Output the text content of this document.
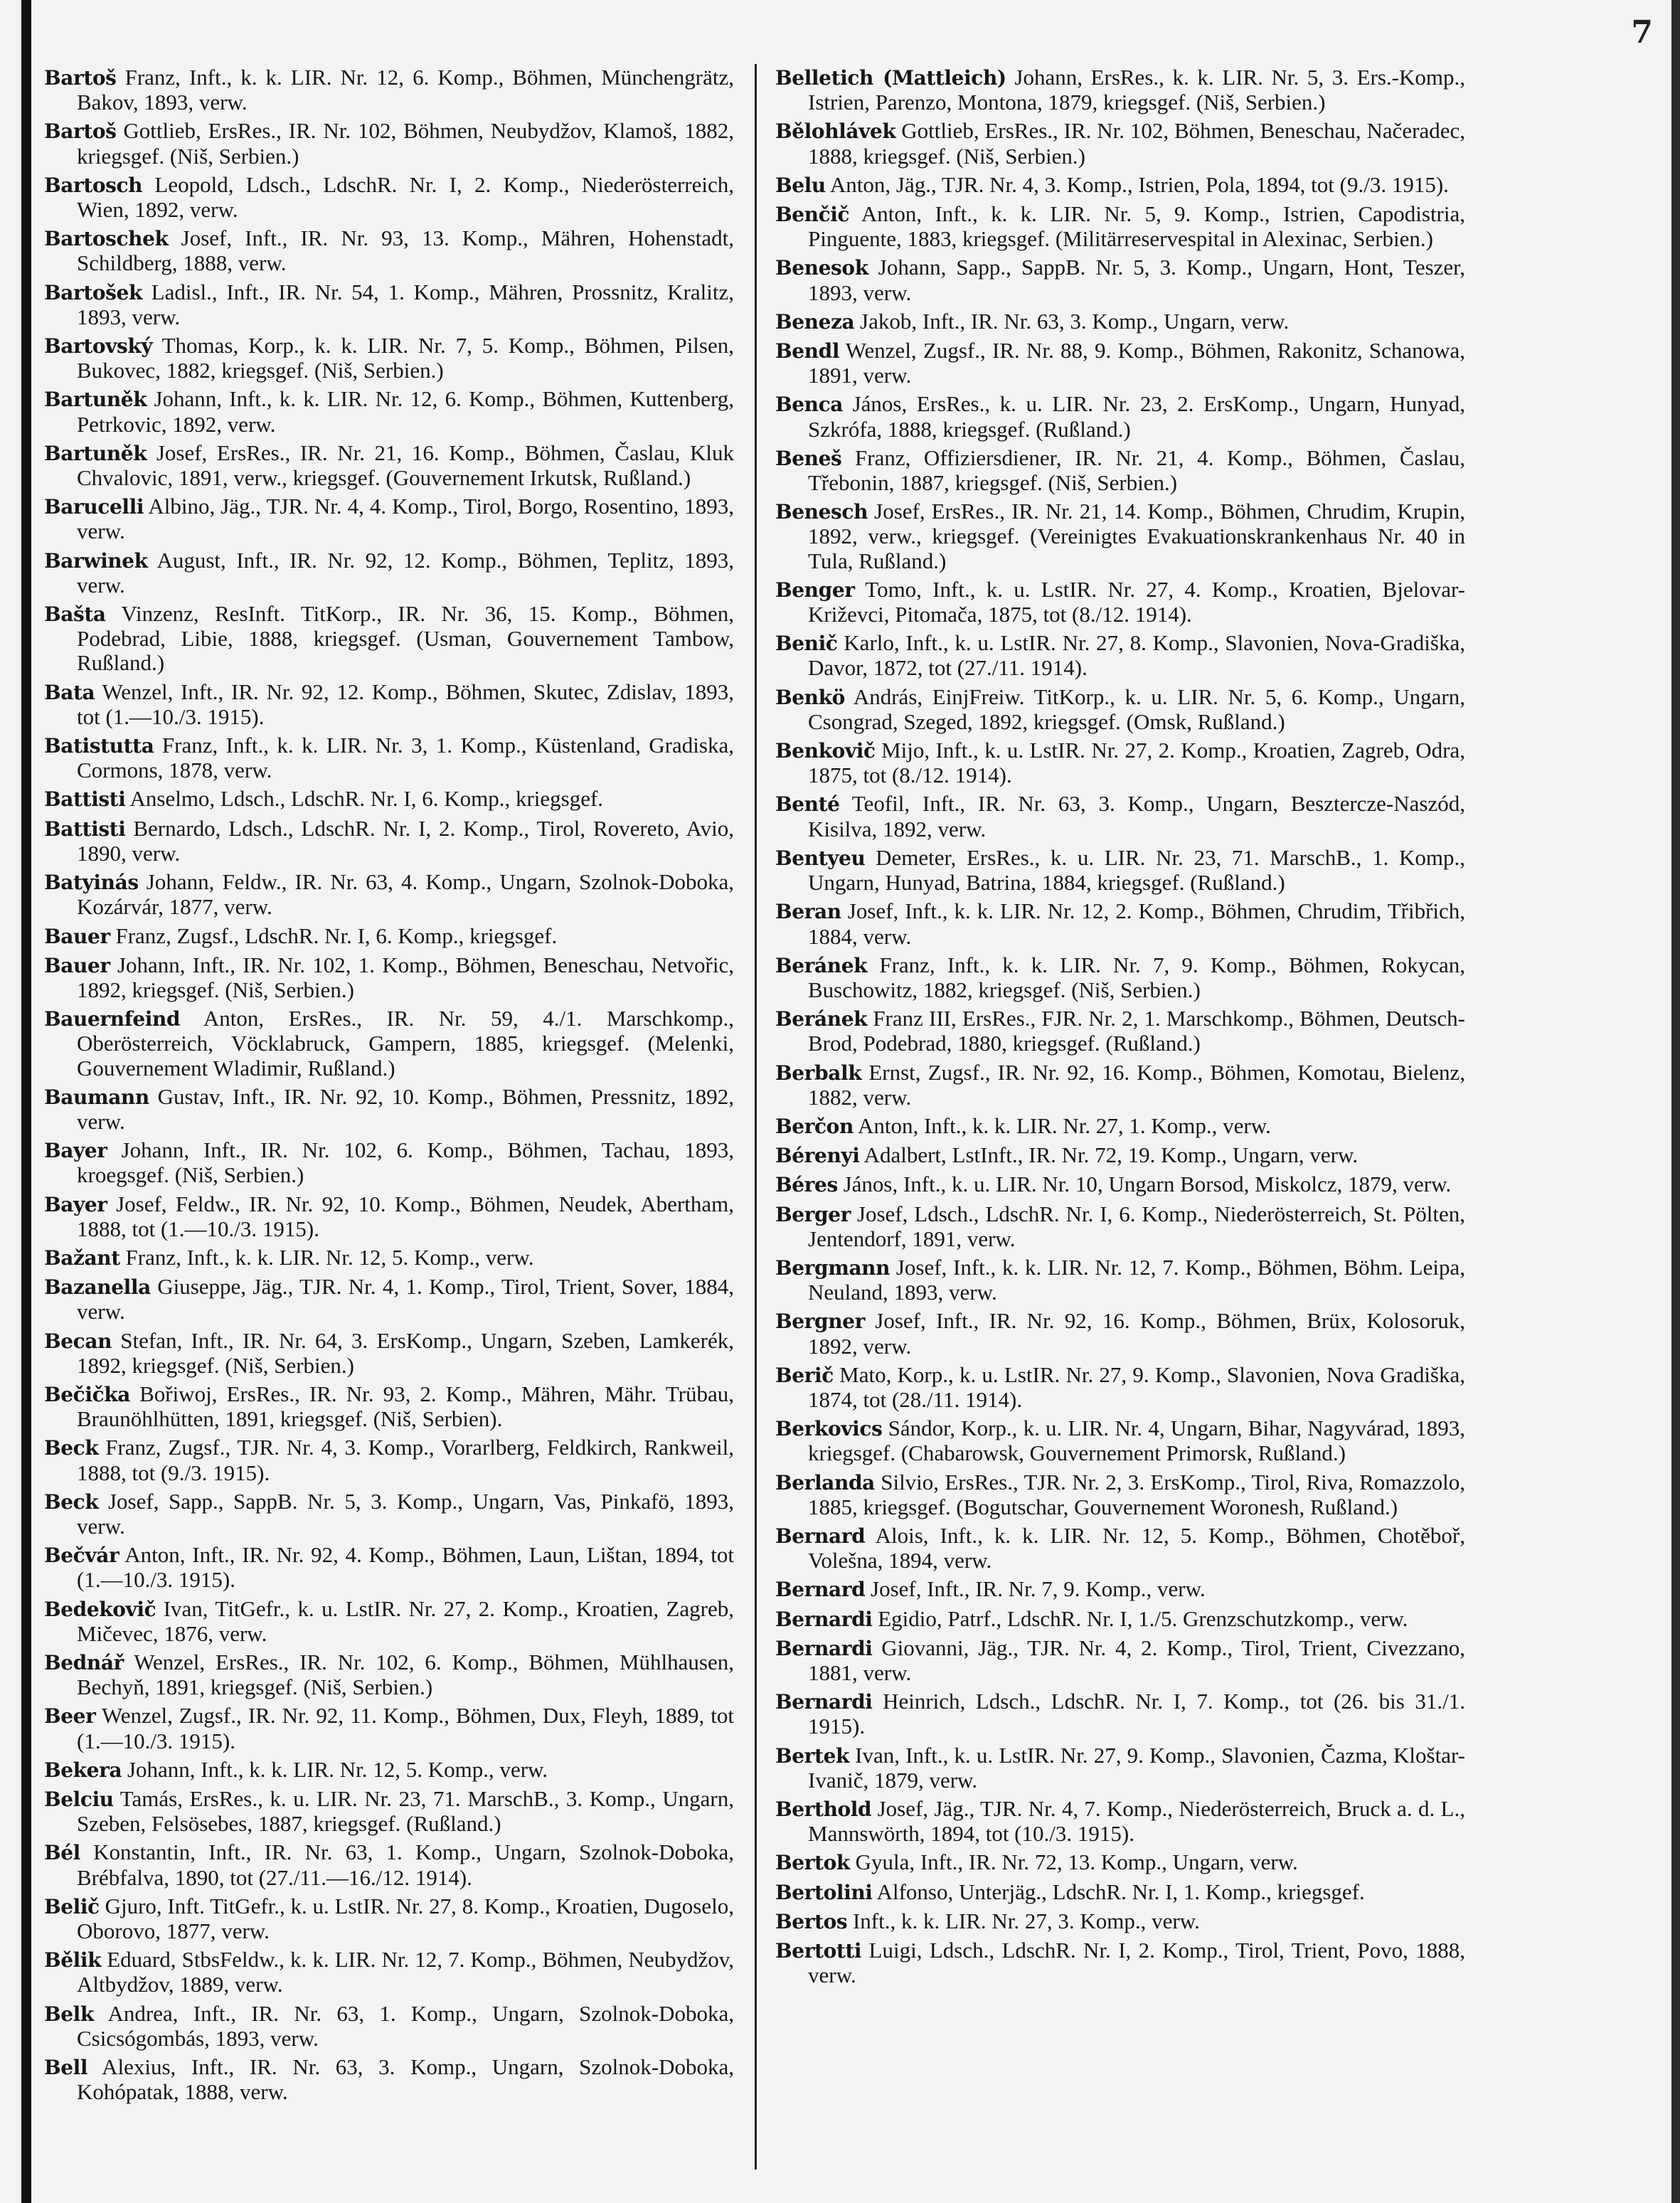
7

Bartoš Franz, Inft., k. k. LIR. Nr. 12, 6. Komp., Böhmen, Münchengrätz, Bakov, 1893, verw.

Bartoš Gottlieb, ErsRes., IR. Nr. 102, Böhmen, Neubydžov, Klamoš, 1882, kriegsgef. (Niš, Serbien.)

Bartosch Leopold, Ldsch., LdschR. Nr. I, 2. Komp., Niederösterreich, Wien, 1892, verw.

Bartoschek Josef, Inft., IR. Nr. 93, 13. Komp., Mähren, Hohenstadt, Schildberg, 1888, verw.

Bartošek Ladisl., Inft., IR. Nr. 54, 1. Komp., Mähren, Prossnitz, Kralitz, 1893, verw.

Bartovský Thomas, Korp., k. k. LIR. Nr. 7, 5. Komp., Böhmen, Pilsen, Bukovec, 1882, kriegsgef. (Niš, Serbien.)

Bartuněk Johann, Inft., k. k. LIR. Nr. 12, 6. Komp., Böhmen, Kuttenberg, Petrkovic, 1892, verw.

Bartuněk Josef, ErsRes., IR. Nr. 21, 16. Komp., Böhmen, Časlau, Kluk Chvalovic, 1891, verw., kriegsgef. (Gouvernement Irkutsk, Rußland.)

Barucelli Albino, Jäg., TJR. Nr. 4, 4. Komp., Tirol, Borgo, Rosentino, 1893, verw.

Barwinek August, Inft., IR. Nr. 92, 12. Komp., Böhmen, Teplitz, 1893, verw.

Bašta Vinzenz, ResInft. TitKorp., IR. Nr. 36, 15. Komp., Böhmen, Podebrad, Libie, 1888, kriegsgef. (Usman, Gouvernement Tambow, Rußland.)

Bata Wenzel, Inft., IR. Nr. 92, 12. Komp., Böhmen, Skutec, Zdislav, 1893, tot (1.—10./3. 1915).

Batistutta Franz, Inft., k. k. LIR. Nr. 3, 1. Komp., Küstenland, Gradiska, Cormons, 1878, verw.

Battisti Anselmo, Ldsch., LdschR. Nr. I, 6. Komp., kriegsgef.

Battisti Bernardo, Ldsch., LdschR. Nr. I, 2. Komp., Tirol, Rovereto, Avio, 1890, verw.

Batyinás Johann, Feldw., IR. Nr. 63, 4. Komp., Ungarn, Szolnok-Doboka, Kozárvár, 1877, verw.

Bauer Franz, Zugsf., LdschR. Nr. I, 6. Komp., kriegsgef.

Bauer Johann, Inft., IR. Nr. 102, 1. Komp., Böhmen, Beneschau, Netvořic, 1892, kriegsgef. (Niš, Serbien.)

Bauernfeind Anton, ErsRes., IR. Nr. 59, 4./1. Marschkomp., Oberösterreich, Vöcklabruck, Gampern, 1885, kriegsgef. (Melenki, Gouvernement Wladimir, Rußland.)

Baumann Gustav, Inft., IR. Nr. 92, 10. Komp., Böhmen, Pressnitz, 1892, verw.

Bayer Johann, Inft., IR. Nr. 102, 6. Komp., Böhmen, Tachau, 1893, kroegsgef. (Niš, Serbien.)

Bayer Josef, Feldw., IR. Nr. 92, 10. Komp., Böhmen, Neudek, Abertham, 1888, tot (1.—10./3. 1915).

Bažant Franz, Inft., k. k. LIR. Nr. 12, 5. Komp., verw.

Bazanella Giuseppe, Jäg., TJR. Nr. 4, 1. Komp., Tirol, Trient, Sover, 1884, verw.

Becan Stefan, Inft., IR. Nr. 64, 3. ErsKomp., Ungarn, Szeben, Lamkerék, 1892, kriegsgef. (Niš, Serbien.)

Bečička Bořiwoj, ErsRes., IR. Nr. 93, 2. Komp., Mähren, Mähr. Trübau, Braunöhlhütten, 1891, kriegsgef. (Niš, Serbien).

Beck Franz, Zugsf., TJR. Nr. 4, 3. Komp., Vorarlberg, Feldkirch, Rankweil, 1888, tot (9./3. 1915).

Beck Josef, Sapp., SappB. Nr. 5, 3. Komp., Ungarn, Vas, Pinkafö, 1893, verw.

Bečvár Anton, Inft., IR. Nr. 92, 4. Komp., Böhmen, Laun, Lištan, 1894, tot (1.—10./3. 1915).

Bedekovič Ivan, TitGefr., k. u. LstIR. Nr. 27, 2. Komp., Kroatien, Zagreb, Mičevec, 1876, verw.

Bednář Wenzel, ErsRes., IR. Nr. 102, 6. Komp., Böhmen, Mühlhausen, Bechyň, 1891, kriegsgef. (Niš, Serbien.)

Beer Wenzel, Zugsf., IR. Nr. 92, 11. Komp., Böhmen, Dux, Fleyh, 1889, tot (1.—10./3. 1915).

Bekera Johann, Inft., k. k. LIR. Nr. 12, 5. Komp., verw.

Belciu Tamás, ErsRes., k. u. LIR. Nr. 23, 71. MarschB., 3. Komp., Ungarn, Szeben, Felsösebes, 1887, kriegsgef. (Rußland.)

Bél Konstantin, Inft., IR. Nr. 63, 1. Komp., Ungarn, Szolnok-Doboka, Brébfalva, 1890, tot (27./11.—16./12. 1914).

Belič Gjuro, Inft. TitGefr., k. u. LstIR. Nr. 27, 8. Komp., Kroatien, Dugoselo, Oborovo, 1877, verw.

Bělik Eduard, StbsFeldw., k. k. LIR. Nr. 12, 7. Komp., Böhmen, Neubydžov, Altbydžov, 1889, verw.

Belk Andrea, Inft., IR. Nr. 63, 1. Komp., Ungarn, Szolnok-Doboka, Csicsógombás, 1893, verw.

Bell Alexius, Inft., IR. Nr. 63, 3. Komp., Ungarn, Szolnok-Doboka, Kohópatak, 1888, verw.

Belletich (Mattleich) Johann, ErsRes., k. k. LIR. Nr. 5, 3. Ers.-Komp., Istrien, Parenzo, Montona, 1879, kriegsgef. (Niš, Serbien.)

Bělohlávek Gottlieb, ErsRes., IR. Nr. 102, Böhmen, Beneschau, Načeradec, 1888, kriegsgef. (Niš, Serbien.)

Belu Anton, Jäg., TJR. Nr. 4, 3. Komp., Istrien, Pola, 1894, tot (9./3. 1915).

Benčič Anton, Inft., k. k. LIR. Nr. 5, 9. Komp., Istrien, Capodistria, Pinguente, 1883, kriegsgef. (Militärreservespital in Alexinac, Serbien.)

Benesok Johann, Sapp., SappB. Nr. 5, 3. Komp., Ungarn, Hont, Teszer, 1893, verw.

Beneza Jakob, Inft., IR. Nr. 63, 3. Komp., Ungarn, verw.

Bendl Wenzel, Zugsf., IR. Nr. 88, 9. Komp., Böhmen, Rakonitz, Schanowa, 1891, verw.

Benca János, ErsRes., k. u. LIR. Nr. 23, 2. ErsKomp., Ungarn, Hunyad, Szkrófa, 1888, kriegsgef. (Rußland.)

Beneš Franz, Offiziersdiener, IR. Nr. 21, 4. Komp., Böhmen, Časlau, Třebonin, 1887, kriegsgef. (Niš, Serbien.)

Benesch Josef, ErsRes., IR. Nr. 21, 14. Komp., Böhmen, Chrudim, Krupin, 1892, verw., kriegsgef. (Vereinigtes Evakuationskrankenhaus Nr. 40 in Tula, Rußland.)

Benger Tomo, Inft., k. u. LstIR. Nr. 27, 4. Komp., Kroatien, Bjelovar-Križevci, Pitomača, 1875, tot (8./12. 1914).

Benič Karlo, Inft., k. u. LstIR. Nr. 27, 8. Komp., Slavonien, Nova-Gradiška, Davor, 1872, tot (27./11. 1914).

Benkö András, EinjFreiw. TitKorp., k. u. LIR. Nr. 5, 6. Komp., Ungarn, Csongrad, Szeged, 1892, kriegsgef. (Omsk, Rußland.)

Benkovič Mijo, Inft., k. u. LstIR. Nr. 27, 2. Komp., Kroatien, Zagreb, Odra, 1875, tot (8./12. 1914).

Benté Teofil, Inft., IR. Nr. 63, 3. Komp., Ungarn, Besztercze-Naszód, Kisilva, 1892, verw.

Bentyeu Demeter, ErsRes., k. u. LIR. Nr. 23, 71. MarschB., 1. Komp., Ungarn, Hunyad, Batrina, 1884, kriegsgef. (Rußland.)

Beran Josef, Inft., k. k. LIR. Nr. 12, 2. Komp., Böhmen, Chrudim, Třibřich, 1884, verw.

Beránek Franz, Inft., k. k. LIR. Nr. 7, 9. Komp., Böhmen, Rokycan, Buschowitz, 1882, kriegsgef. (Niš, Serbien.)

Beránek Franz III, ErsRes., FJR. Nr. 2, 1. Marschkomp., Böhmen, Deutsch-Brod, Podebrad, 1880, kriegsgef. (Rußland.)

Berbalk Ernst, Zugsf., IR. Nr. 92, 16. Komp., Böhmen, Komotau, Bielenz, 1882, verw.

Berčon Anton, Inft., k. k. LIR. Nr. 27, 1. Komp., verw.

Bérenyi Adalbert, LstInft., IR. Nr. 72, 19. Komp., Ungarn, verw.

Béres János, Inft., k. u. LIR. Nr. 10, Ungarn Borsod, Miskolcz, 1879, verw.

Berger Josef, Ldsch., LdschR. Nr. I, 6. Komp., Niederösterreich, St. Pölten, Jentendorf, 1891, verw.

Bergmann Josef, Inft., k. k. LIR. Nr. 12, 7. Komp., Böhmen, Böhm. Leipa, Neuland, 1893, verw.

Bergner Josef, Inft., IR. Nr. 92, 16. Komp., Böhmen, Brüx, Kolosoruk, 1892, verw.

Berič Mato, Korp., k. u. LstIR. Nr. 27, 9. Komp., Slavonien, Nova Gradiška, 1874, tot (28./11. 1914).

Berkovics Sándor, Korp., k. u. LIR. Nr. 4, Ungarn, Bihar, Nagyvárad, 1893, kriegsgef. (Chabarowsk, Gouvernement Primorsk, Rußland.)

Berlanda Silvio, ErsRes., TJR. Nr. 2, 3. ErsKomp., Tirol, Riva, Romazzolo, 1885, kriegsgef. (Bogutschar, Gouvernement Woronesh, Rußland.)

Bernard Alois, Inft., k. k. LIR. Nr. 12, 5. Komp., Böhmen, Chotěboř, Volešna, 1894, verw.

Bernard Josef, Inft., IR. Nr. 7, 9. Komp., verw.

Bernardi Egidio, Patrf., LdschR. Nr. I, 1./5. Grenzschutzkomp., verw.

Bernardi Giovanni, Jäg., TJR. Nr. 4, 2. Komp., Tirol, Trient, Civezzano, 1881, verw.

Bernardi Heinrich, Ldsch., LdschR. Nr. I, 7. Komp., tot (26. bis 31./1. 1915).

Bertek Ivan, Inft., k. u. LstIR. Nr. 27, 9. Komp., Slavonien, Čazma, Kloštar-Ivanič, 1879, verw.

Berthold Josef, Jäg., TJR. Nr. 4, 7. Komp., Niederösterreich, Bruck a. d. L., Mannswörth, 1894, tot (10./3. 1915).

Bertok Gyula, Inft., IR. Nr. 72, 13. Komp., Ungarn, verw.

Bertolini Alfonso, Unterjäg., LdschR. Nr. I, 1. Komp., kriegsgef.

Bertos Inft., k. k. LIR. Nr. 27, 3. Komp., verw.

Bertotti Luigi, Ldsch., LdschR. Nr. I, 2. Komp., Tirol, Trient, Povo, 1888, verw.
